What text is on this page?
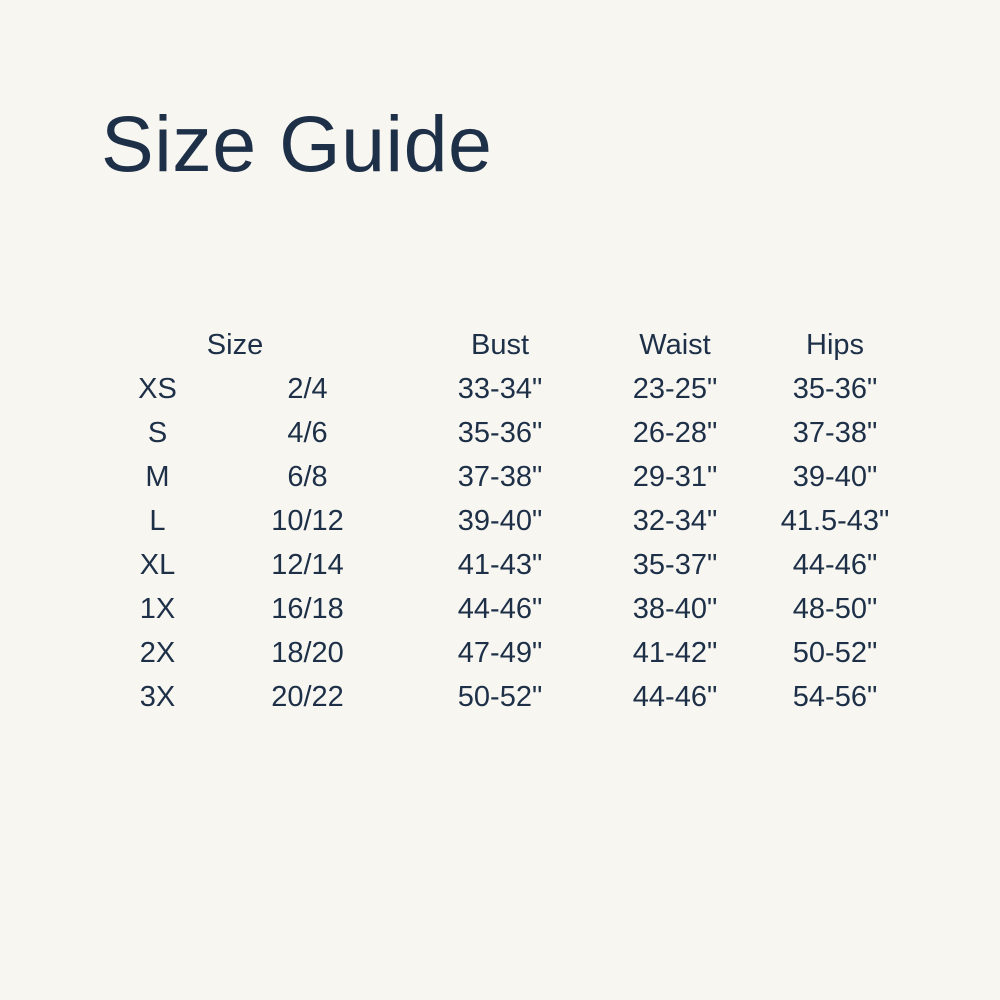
Size Guide
Size		Bust	Waist	Hips
XS	2/4	33-34"	23-25"	35-36"
S	4/6	35-36"	26-28"	37-38"
M	6/8	37-38"	29-31"	39-40"
L	10/12	39-40"	32-34"	41.5-43"
XL	12/14	41-43"	35-37"	44-46"
1X	16/18	44-46"	38-40"	48-50"
2X	18/20	47-49"	41-42"	50-52"
3X	20/22	50-52"	44-46"	54-56"
